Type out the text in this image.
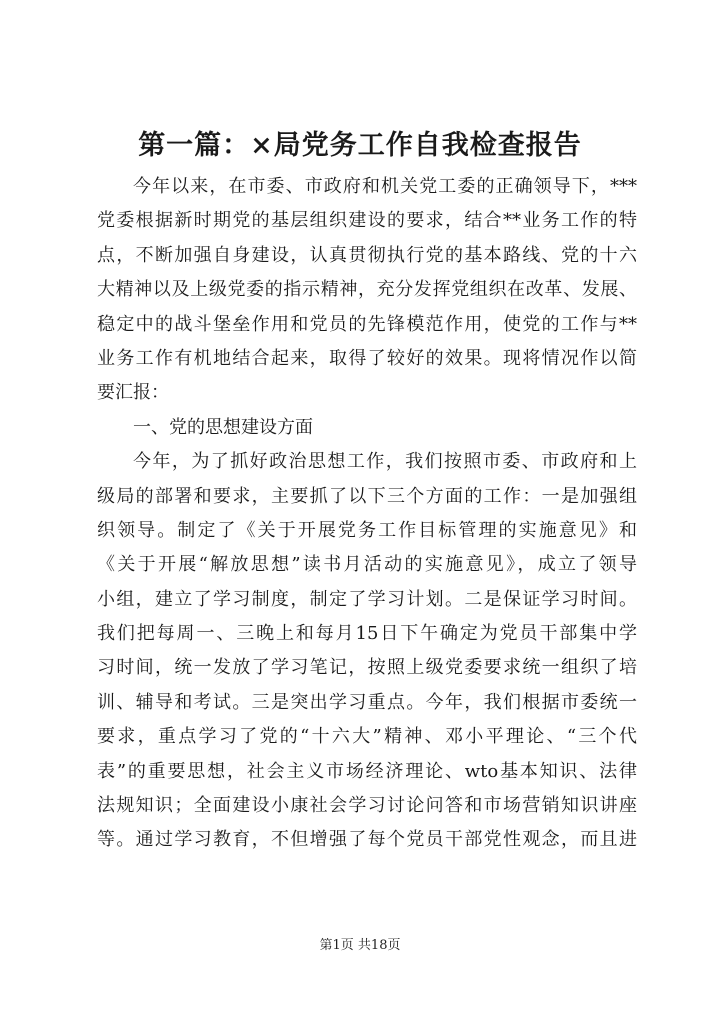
第一篇：×局党务工作自我检查报告
今年以来，在市委、市政府和机关党工委的正确领导下，***
党委根据新时期党的基层组织建设的要求，结合**业务工作的特
点，不断加强自身建设，认真贯彻执行党的基本路线、党的十六
大精神以及上级党委的指示精神，充分发挥党组织在改革、发展、
稳定中的战斗堡垒作用和党员的先锋模范作用，使党的工作与**
业务工作有机地结合起来，取得了较好的效果。现将情况作以简
要汇报：
一、党的思想建设方面
今年，为了抓好政治思想工作，我们按照市委、市政府和上
级局的部署和要求，主要抓了以下三个方面的工作：一是加强组
织领导。制定了《关于开展党务工作目标管理的实施意见》和
《关于开展“解放思想”读书月活动的实施意见》，成立了领导
小组，建立了学习制度，制定了学习计划。二是保证学习时间。
我们把每周一、三晚上和每月15日下午确定为党员干部集中学
习时间，统一发放了学习笔记，按照上级党委要求统一组织了培
训、辅导和考试。三是突出学习重点。今年，我们根据市委统一
要求，重点学习了党的“十六大”精神、邓小平理论、“三个代
表”的重要思想，社会主义市场经济理论、wto基本知识、法律
法规知识；全面建设小康社会学习讨论问答和市场营销知识讲座
等。通过学习教育，不但增强了每个党员干部党性观念，而且进
第1页 共18页
